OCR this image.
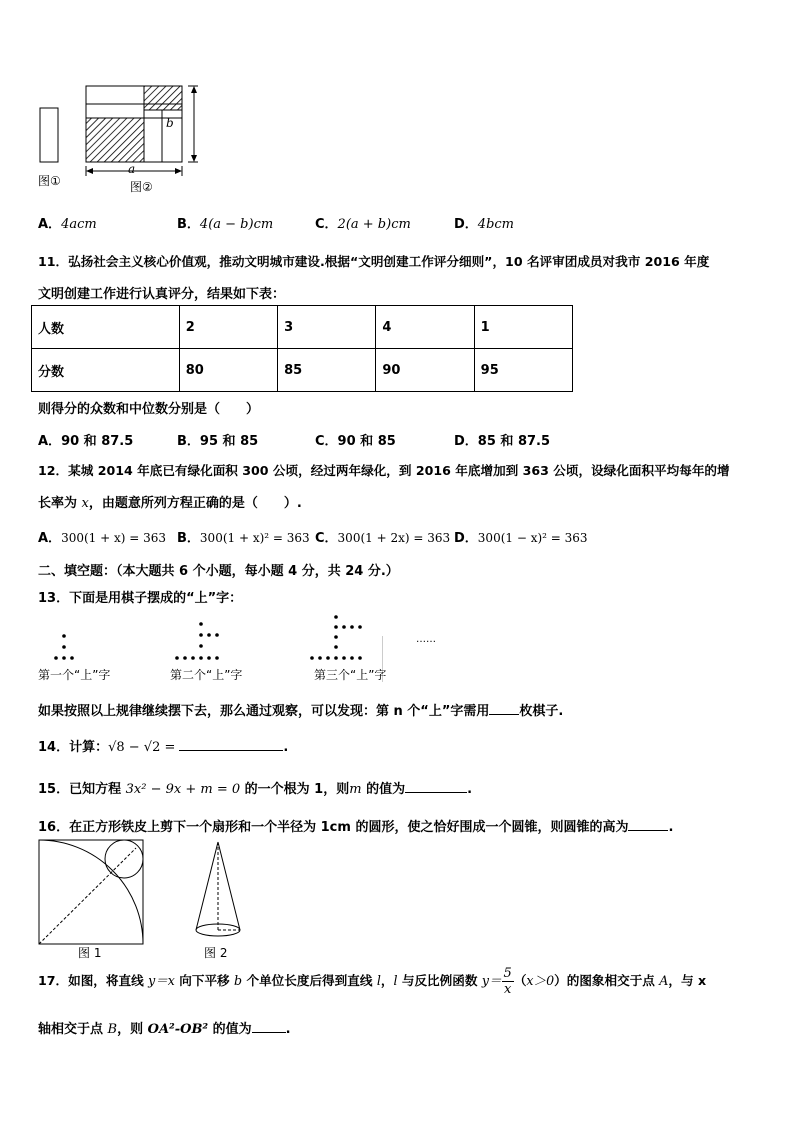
b
a
图①	图②
A．4acm	B．4(a − b)cm	C．2(a + b)cm	D．4bcm
11．弘扬社会主义核心价值观，推动文明城市建设.根据“文明创建工作评分细则”，10 名评审团成员对我市 2016 年度
文明创建工作进行认真评分，结果如下表：
人数	2	3	4	1
分数	80	85	90	95
则得分的众数和中位数分别是（　　）
A．90 和 87.5	B．95 和 85	C．90 和 85	D．85 和 87.5
12．某城 2014 年底已有绿化面积 300 公顷，经过两年绿化，到 2016 年底增加到 363 公顷，设绿化面积平均每年的增
长率为 x，由题意所列方程正确的是（　　）.
A．300(1 + x) = 363 B．300(1 + x)² = 363 C．300(1 + 2x) = 363 D．300(1 − x)² = 363
二、填空题：（本大题共 6 个小题，每小题 4 分，共 24 分.）
13．下面是用棋子摆成的“上”字：
……
第一个“上”字	第二个“上”字	第三个“上”字
如果按照以上规律继续摆下去，那么通过观察，可以发现：第 n 个“上”字需用 枚棋子.
14．计算：√8 − √2 =	.
15．已知方程 3x² − 9x + m = 0 的一个根为 1，则m 的值为	.
16．在正方形铁皮上剪下一个扇形和一个半径为 1cm 的圆形，使之恰好围成一个圆锥，则圆锥的高为	.
图 1	图 2
17．如图，将直线 y＝x 向下平移 b 个单位长度后得到直线 l，l 与反比例函数 $y= \frac{5}{x} (x>0)$的图象相交于点 A，与 x
轴相交于点 B，则 OA²-OB² 的值为	.
